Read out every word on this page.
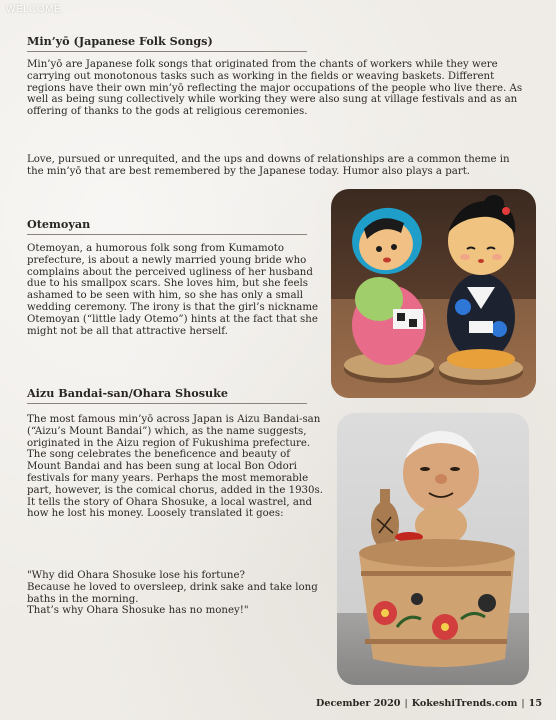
WELCOME
Min’yō (Japanese Folk Songs)

Min’yō are Japanese folk songs that originated from the chants of workers while they were carrying out monotonous tasks such as working in the fields or weaving baskets. Different regions have their own min’yō reflecting the major occupations of the people who live there. As well as being sung collectively while working they were also sung at village festivals and as an offering of thanks to the gods at religious ceremonies.

Love, pursued or unrequited, and the ups and downs of relationships are a common theme in the min’yō that are best remembered by the Japanese today. Humor also plays a part.

Otemoyan

Otemoyan, a humorous folk song from Kumamoto prefecture, is about a newly married young bride who complains about the perceived ugliness of her husband due to his smallpox scars. She loves him, but she feels ashamed to be seen with him, so she has only a small wedding ceremony. The irony is that the girl’s nickname Otemoyan (“little lady Otemo”) hints at the fact that she might not be all that attractive herself.

Aizu Bandai-san/Ohara Shosuke

The most famous min’yō across Japan is Aizu Bandai-san (“Aizu’s Mount Bandai”) which, as the name suggests, originated in the Aizu region of Fukushima prefecture. The song celebrates the beneficence and beauty of Mount Bandai and has been sung at local Bon Odori festivals for many years. Perhaps the most memorable part, however, is the comical chorus, added in the 1930s. It tells the story of Ohara Shosuke, a local wastrel, and how he lost his money. Loosely translated it goes:

"Why did Ohara Shosuke lose his fortune?
Because he loved to oversleep, drink sake and take long baths in the morning.
That’s why Ohara Shosuke has no money!"

December 2020 | KokeshiTrends.com | 15
